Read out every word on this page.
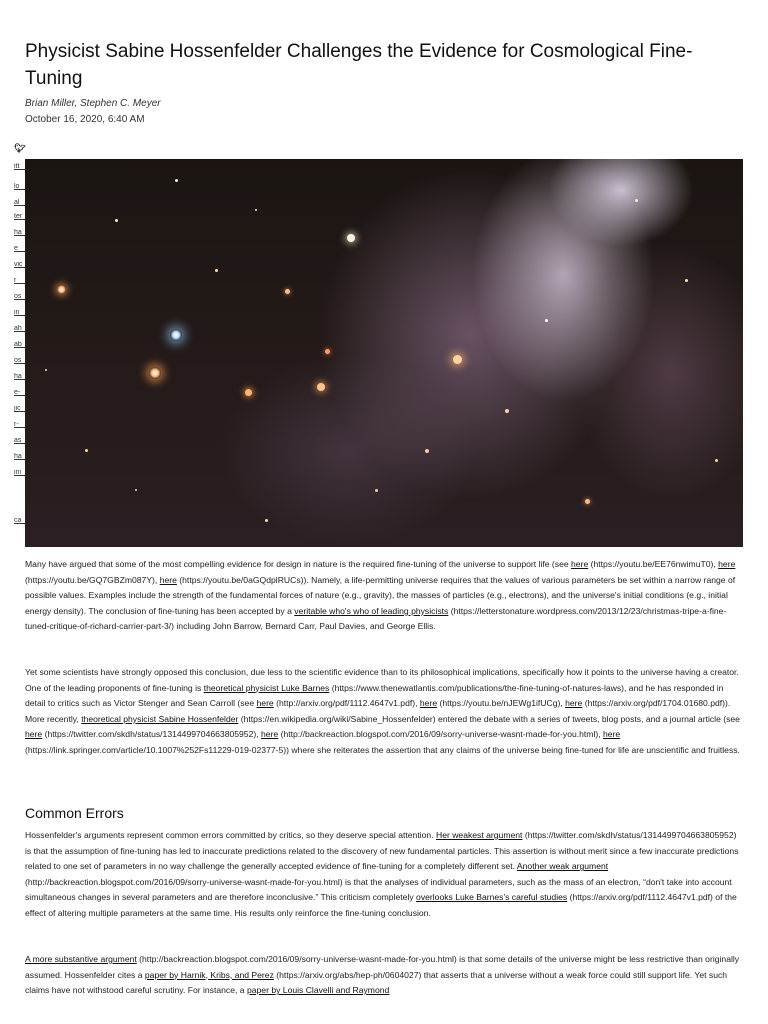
Physicist Sabine Hossenfelder Challenges the Evidence for Cosmological Fine-Tuning
Brian Miller, Stephen C. Meyer
October 16, 2020, 6:40 AM
🐦︎
itt
lo
al
ter
ha
e
vic
r
os
in
ah
ab
os
ha
e-
jic
r-
as
ha
ini
ca

Many have argued that some of the most compelling evidence for design in nature is the required fine-tuning of the universe to support life (see here (https://youtu.be/EE76nwimuT0), here (https://youtu.be/GQ7GBZm087Y), here (https://youtu.be/0aGQdplRUCs)). Namely, a life-permitting universe requires that the values of various parameters be set within a narrow range of possible values. Examples include the strength of the fundamental forces of nature (e.g., gravity), the masses of particles (e.g., electrons), and the universe's initial conditions (e.g., initial energy density). The conclusion of fine-tuning has been accepted by a veritable who's who of leading physicists (https://letterstonature.wordpress.com/2013/12/23/christmas-tripe-a-fine-tuned-critique-of-richard-carrier-part-3/) including John Barrow, Bernard Carr, Paul Davies, and George Ellis.

Yet some scientists have strongly opposed this conclusion, due less to the scientific evidence than to its philosophical implications, specifically how it points to the universe having a creator. One of the leading proponents of fine-tuning is theoretical physicist Luke Barnes (https://www.thenewatlantis.com/publications/the-fine-tuning-of-natures-laws), and he has responded in detail to critics such as Victor Stenger and Sean Carroll (see here (http://arxiv.org/pdf/1112.4647v1.pdf), here (https://youtu.be/nJEWg1ifUCg), here (https://arxiv.org/pdf/1704.01680.pdf)). More recently, theoretical physicist Sabine Hossenfelder (https://en.wikipedia.org/wiki/Sabine_Hossenfelder) entered the debate with a series of tweets, blog posts, and a journal article (see here (https://twitter.com/skdh/status/1314499704663805952), here (http://backreaction.blogspot.com/2016/09/sorry-universe-wasnt-made-for-you.html), here (https://link.springer.com/article/10.1007%252Fs11229-019-02377-5)) where she reiterates the assertion that any claims of the universe being fine-tuned for life are unscientific and fruitless.

Common Errors

Hossenfelder's arguments represent common errors committed by critics, so they deserve special attention. Her weakest argument (https://twitter.com/skdh/status/1314499704663805952) is that the assumption of fine-tuning has led to inaccurate predictions related to the discovery of new fundamental particles. This assertion is without merit since a few inaccurate predictions related to one set of parameters in no way challenge the generally accepted evidence of fine-tuning for a completely different set. Another weak argument (http://backreaction.blogspot.com/2016/09/sorry-universe-wasnt-made-for-you.html) is that the analyses of individual parameters, such as the mass of an electron, “don't take into account simultaneous changes in several parameters and are therefore inconclusive.” This criticism completely overlooks Luke Barnes's careful studies (https://arxiv.org/pdf/1112.4647v1.pdf) of the effect of altering multiple parameters at the same time. His results only reinforce the fine-tuning conclusion.

A more substantive argument (http://backreaction.blogspot.com/2016/09/sorry-universe-wasnt-made-for-you.html) is that some details of the universe might be less restrictive than originally assumed. Hossenfelder cites a paper by Harnik, Kribs, and Perez (https://arxiv.org/abs/hep-ph/0604027) that asserts that a universe without a weak force could still support life. Yet such claims have not withstood careful scrutiny. For instance, a paper by Louis Clavelli and Raymond
